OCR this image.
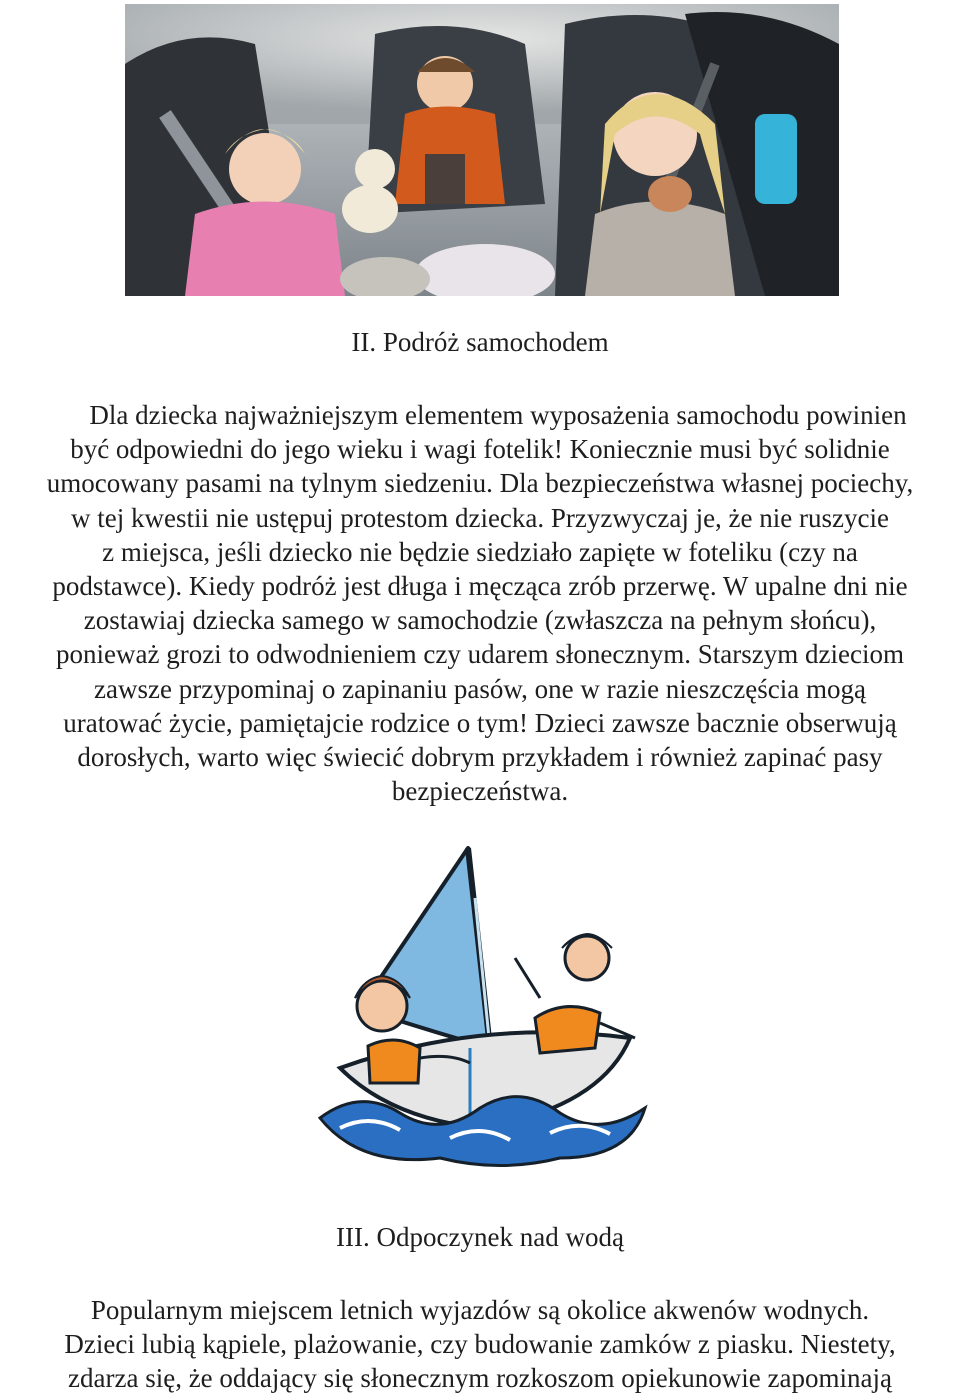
II. Podróż samochodem
Dla dziecka najważniejszym elementem wyposażenia samochodu powinien
być odpowiedni do jego wieku i wagi fotelik! Koniecznie musi być solidnie
umocowany pasami na tylnym siedzeniu. Dla bezpieczeństwa własnej pociechy,
w tej kwestii nie ustępuj protestom dziecka. Przyzwyczaj je, że nie ruszycie
z miejsca, jeśli dziecko nie będzie siedziało zapięte w foteliku (czy na
podstawce). Kiedy podróż jest długa i męcząca zrób przerwę. W upalne dni nie
zostawiaj dziecka samego w samochodzie (zwłaszcza na pełnym słońcu),
ponieważ grozi to odwodnieniem czy udarem słonecznym. Starszym dzieciom
zawsze przypominaj o zapinaniu pasów, one w razie nieszczęścia mogą
uratować życie, pamiętajcie rodzice o tym! Dzieci zawsze bacznie obserwują
dorosłych, warto więc świecić dobrym przykładem i również zapinać pasy
bezpieczeństwa.
III. Odpoczynek nad wodą
Popularnym miejscem letnich wyjazdów są okolice akwenów wodnych.
Dzieci lubią kąpiele, plażowanie, czy budowanie zamków z piasku. Niestety,
zdarza się, że oddający się słonecznym rozkoszom opiekunowie zapominają
